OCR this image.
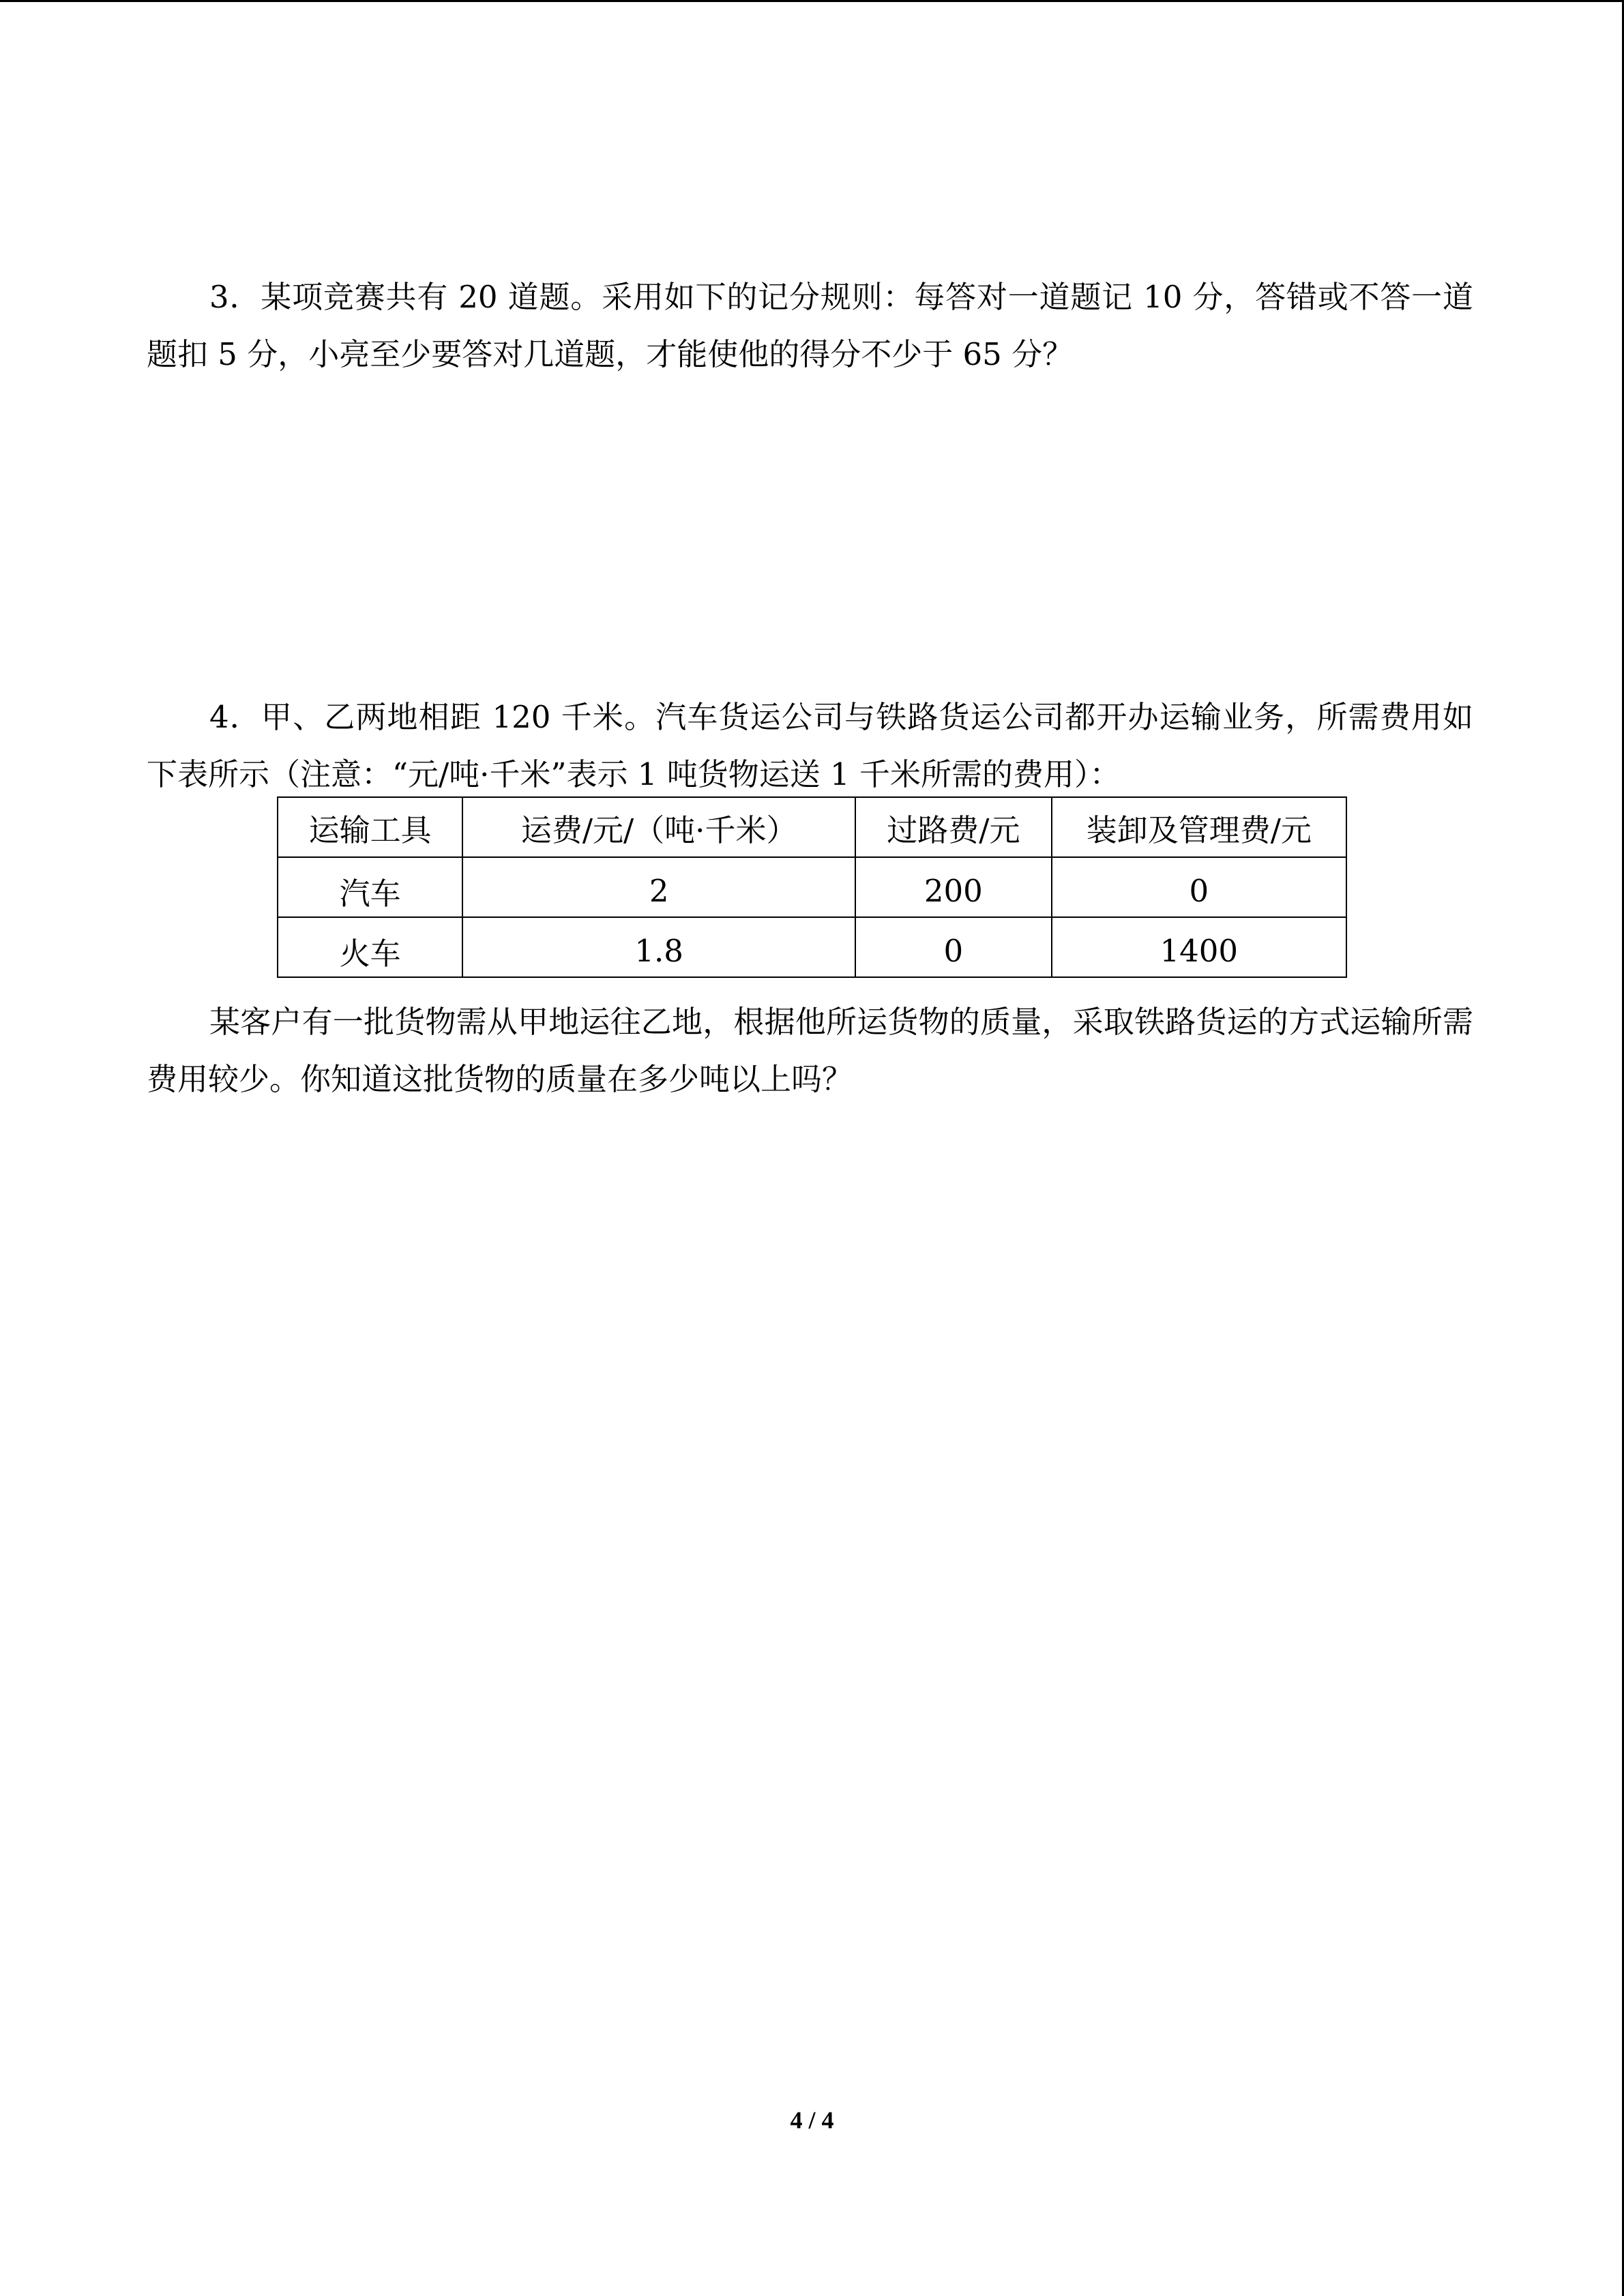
3．某项竞赛共有 20 道题。采用如下的记分规则：每答对一道题记 10 分，答错或不答一道题扣 5 分，小亮至少要答对几道题，才能使他的得分不少于 65 分？

4．甲、乙两地相距 120 千米。汽车货运公司与铁路货运公司都开办运输业务，所需费用如下表所示（注意：“元/吨·千米”表示 1 吨货物运送 1 千米所需的费用）：

运输工具	运费/元/（吨·千米）	过路费/元	装卸及管理费/元
汽车	2	200	0
火车	1.8	0	1400

某客户有一批货物需从甲地运往乙地，根据他所运货物的质量，采取铁路货运的方式运输所需费用较少。你知道这批货物的质量在多少吨以上吗？

4 / 4
